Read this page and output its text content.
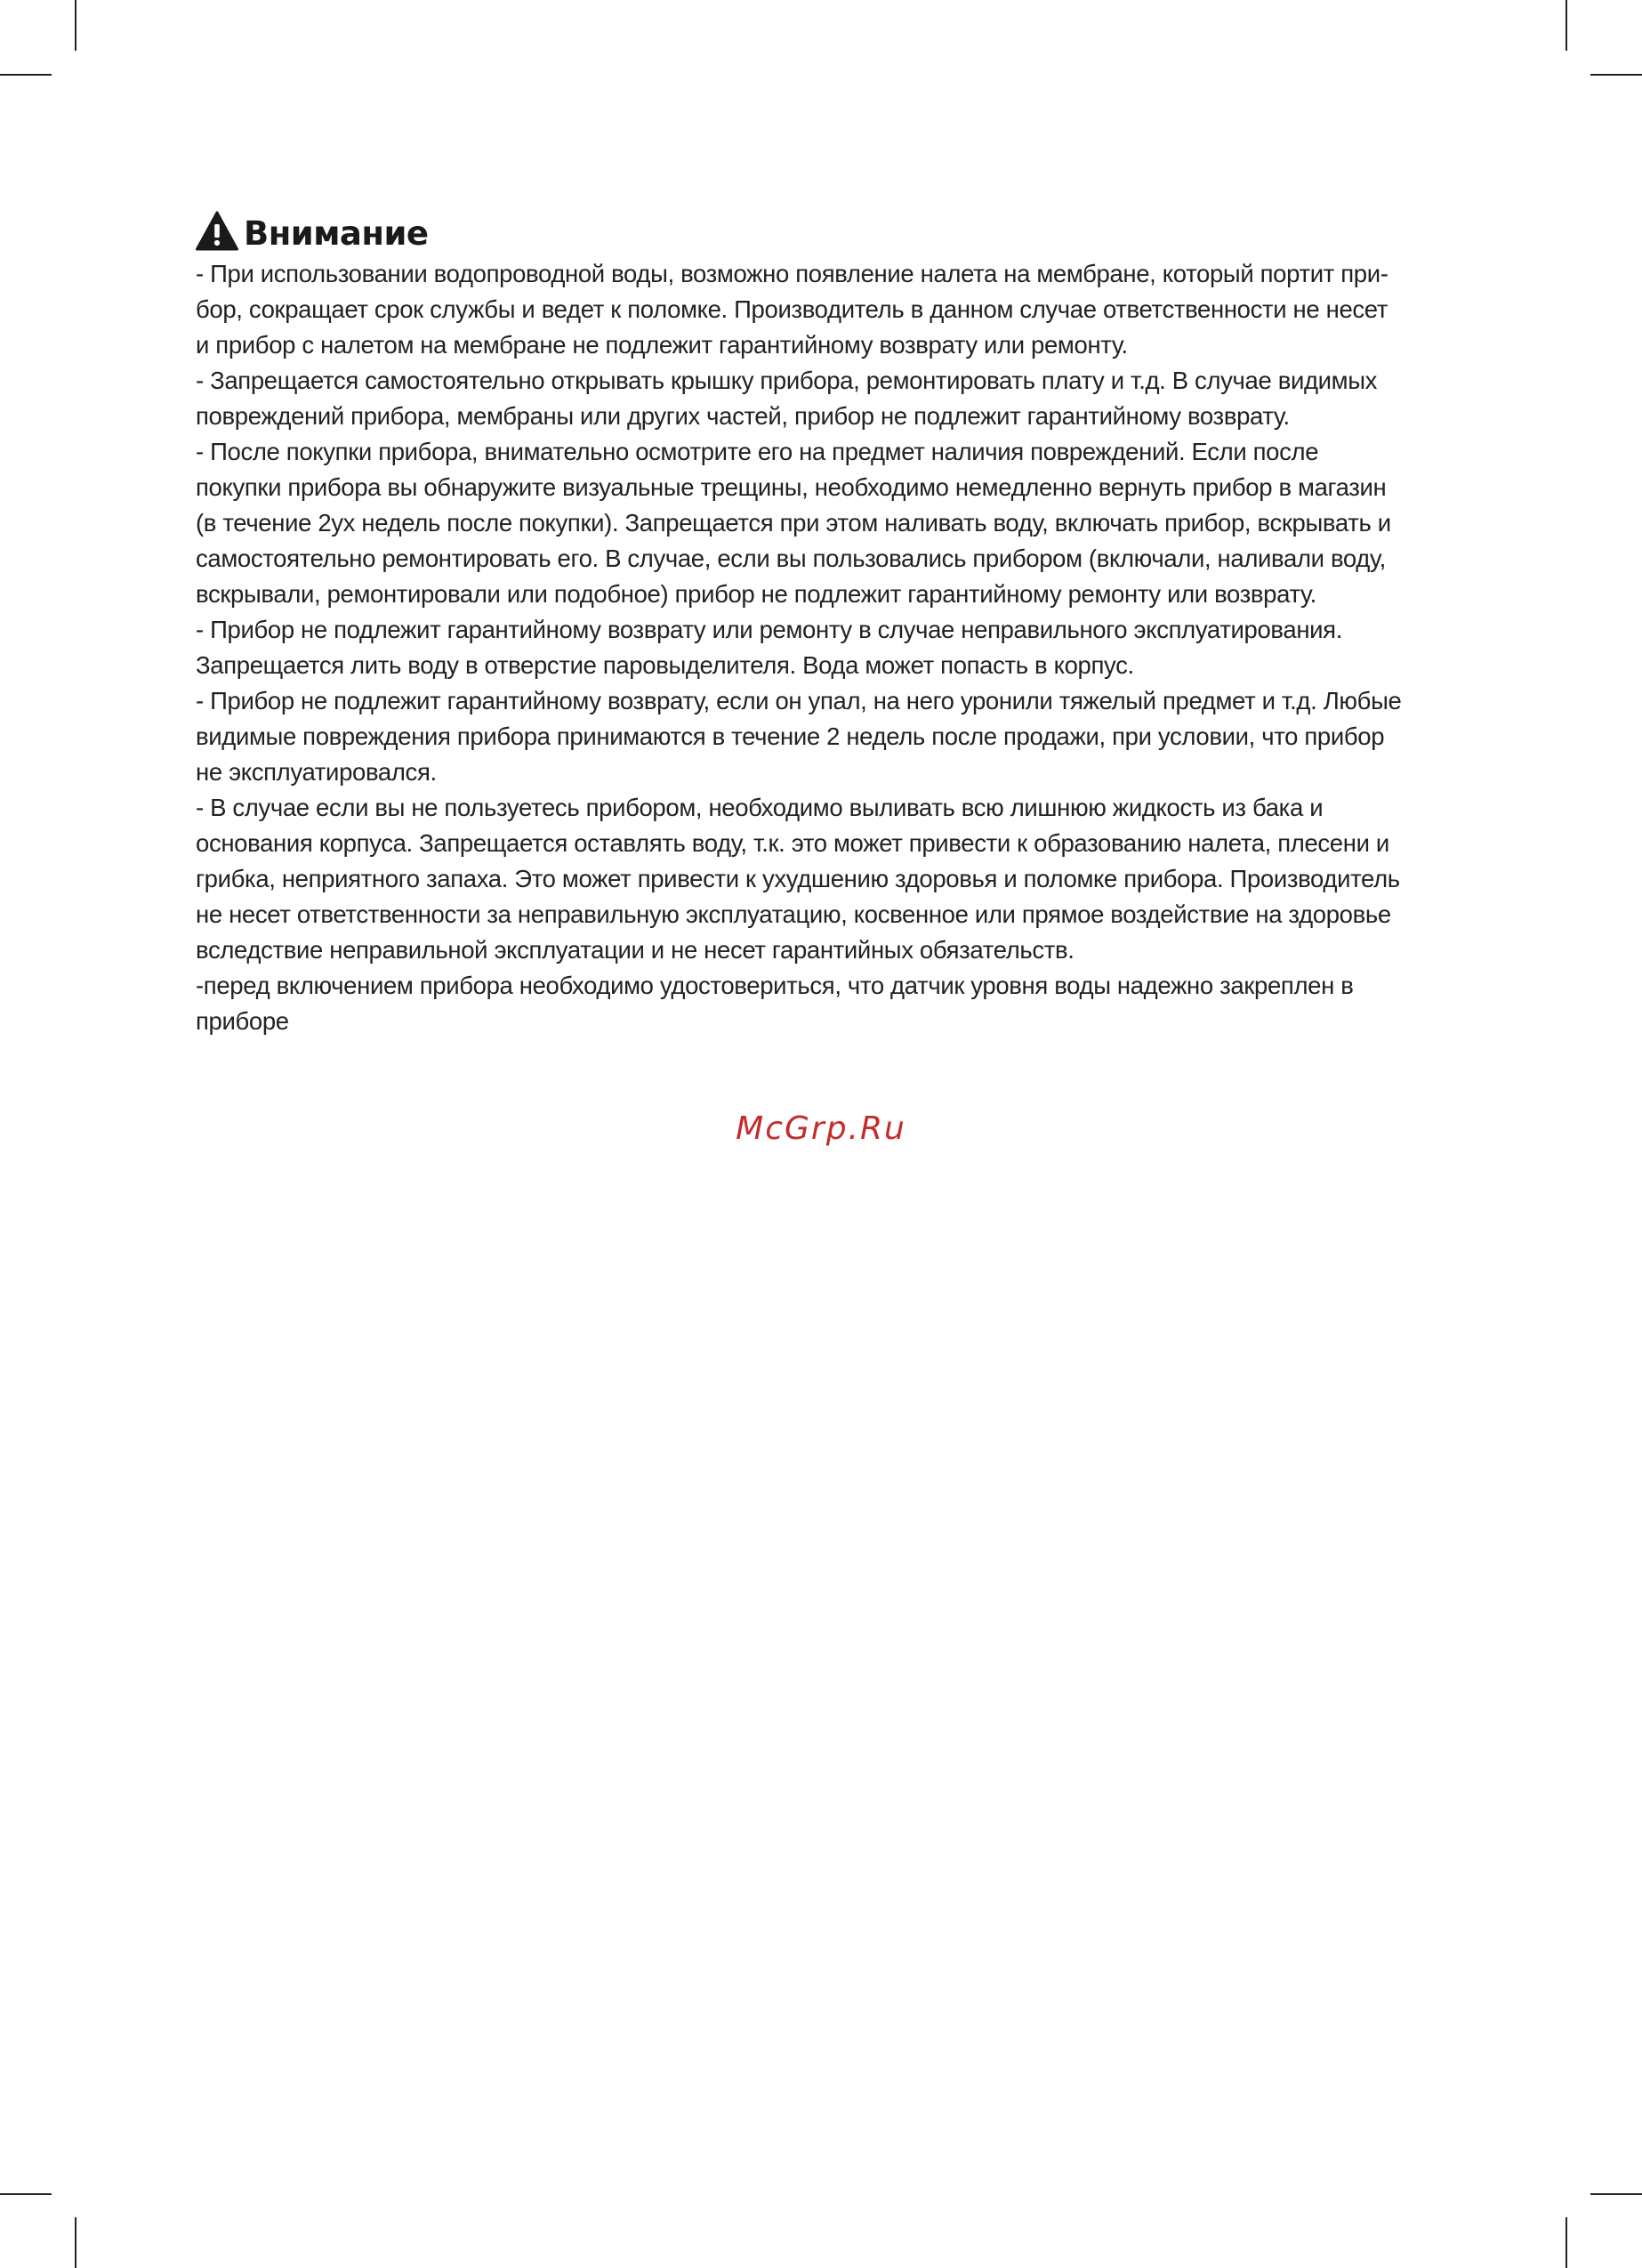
Внимание
- При использовании водопроводной воды, возможно появление налета на мембране, который портит при-
бор, сокращает срок службы и ведет к поломке. Производитель в данном случае ответственности не несет
и прибор с налетом на мембране не подлежит гарантийному возврату или ремонту.
- Запрещается самостоятельно открывать крышку прибора, ремонтировать плату и т.д. В случае видимых
повреждений прибора, мембраны или других частей, прибор не подлежит гарантийному возврату.
- После покупки прибора, внимательно осмотрите его на предмет наличия повреждений. Если после
покупки прибора вы обнаружите визуальные трещины, необходимо немедленно вернуть прибор в магазин
(в течение 2ух недель после покупки). Запрещается при этом наливать воду, включать прибор, вскрывать и
самостоятельно ремонтировать его. В случае, если вы пользовались прибором (включали, наливали воду,
вскрывали, ремонтировали или подобное) прибор не подлежит гарантийному ремонту или возврату.
- Прибор не подлежит гарантийному возврату или ремонту в случае неправильного эксплуатирования.
Запрещается лить воду в отверстие паровыделителя. Вода может попасть в корпус.
- Прибор не подлежит гарантийному возврату, если он упал, на него уронили тяжелый предмет и т.д. Любые
видимые повреждения прибора принимаются в течение 2 недель после продажи, при условии, что прибор
не эксплуатировался.
- В случае если вы не пользуетесь прибором, необходимо выливать всю лишнюю жидкость из бака и
основания корпуса. Запрещается оставлять воду, т.к. это может привести к образованию налета, плесени и
грибка, неприятного запаха. Это может привести к ухудшению здоровья и поломке прибора. Производитель
не несет ответственности за неправильную эксплуатацию, косвенное или прямое воздействие на здоровье
вследствие неправильной эксплуатации и не несет гарантийных обязательств.
-перед включением прибора необходимо удостовериться, что датчик уровня воды надежно закреплен в
приборе
McGrp.Ru
